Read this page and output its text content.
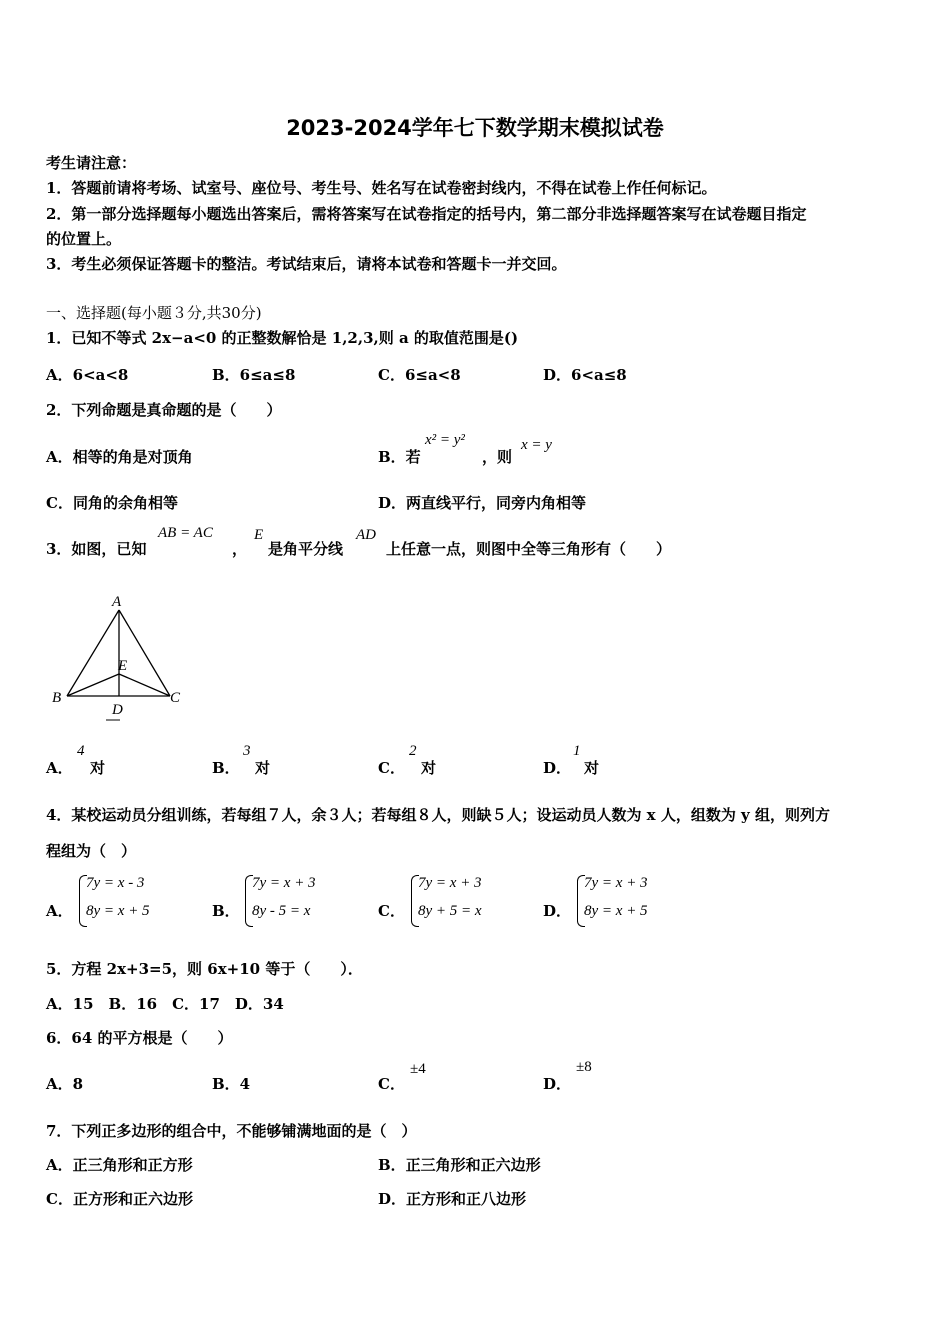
2023-2024学年七下数学期末模拟试卷
考生请注意：
1．答题前请将考场、试室号、座位号、考生号、姓名写在试卷密封线内，不得在试卷上作任何标记。
2．第一部分选择题每小题选出答案后，需将答案写在试卷指定的括号内，第二部分非选择题答案写在试卷题目指定
的位置上。
3．考生必须保证答题卡的整洁。考试结束后，请将本试卷和答题卡一并交回。
一、选择题(每小题３分,共30分)
1．已知不等式 2x−a<0 的正整数解恰是 1,2,3,则 a 的取值范围是()
A．6<a<8	B．6≤a≤8	C．6≤a<8	D．6<a≤8
2．下列命题是真命题的是（　　）
A．相等的角是对顶角	B．若
x² = y²
，则
x = y
C．同角的余角相等	D．两直线平行，同旁内角相等
3．如图，已知
AB = AC
，
E
是角平分线
AD
上任意一点，则图中全等三角形有（　　）
A
B	C
D
E
A．
4
对	B．
3
对	C．
2
对	D．
1
对
4．某校运动员分组训练，若每组７人，余３人；若每组８人，则缺５人；设运动员人数为 x 人，组数为 y 组，则列方
程组为（　）
A．
7y = x - 3
8y = x + 5	B．
7y = x + 3
8y - 5 = x	C．
7y = x + 3
8y + 5 = x	D．
7y = x + 3
8y = x + 5
5．方程 2x+3=5，则 6x+10 等于（　　）．
A．15　B．16　C．17　D．34
6．64 的平方根是（　　）
A．8	B．4	C．
±4
D．
±8
7．下列正多边形的组合中，不能够铺满地面的是（　）
A．正三角形和正方形	B．正三角形和正六边形
C．正方形和正六边形	D．正方形和正八边形
